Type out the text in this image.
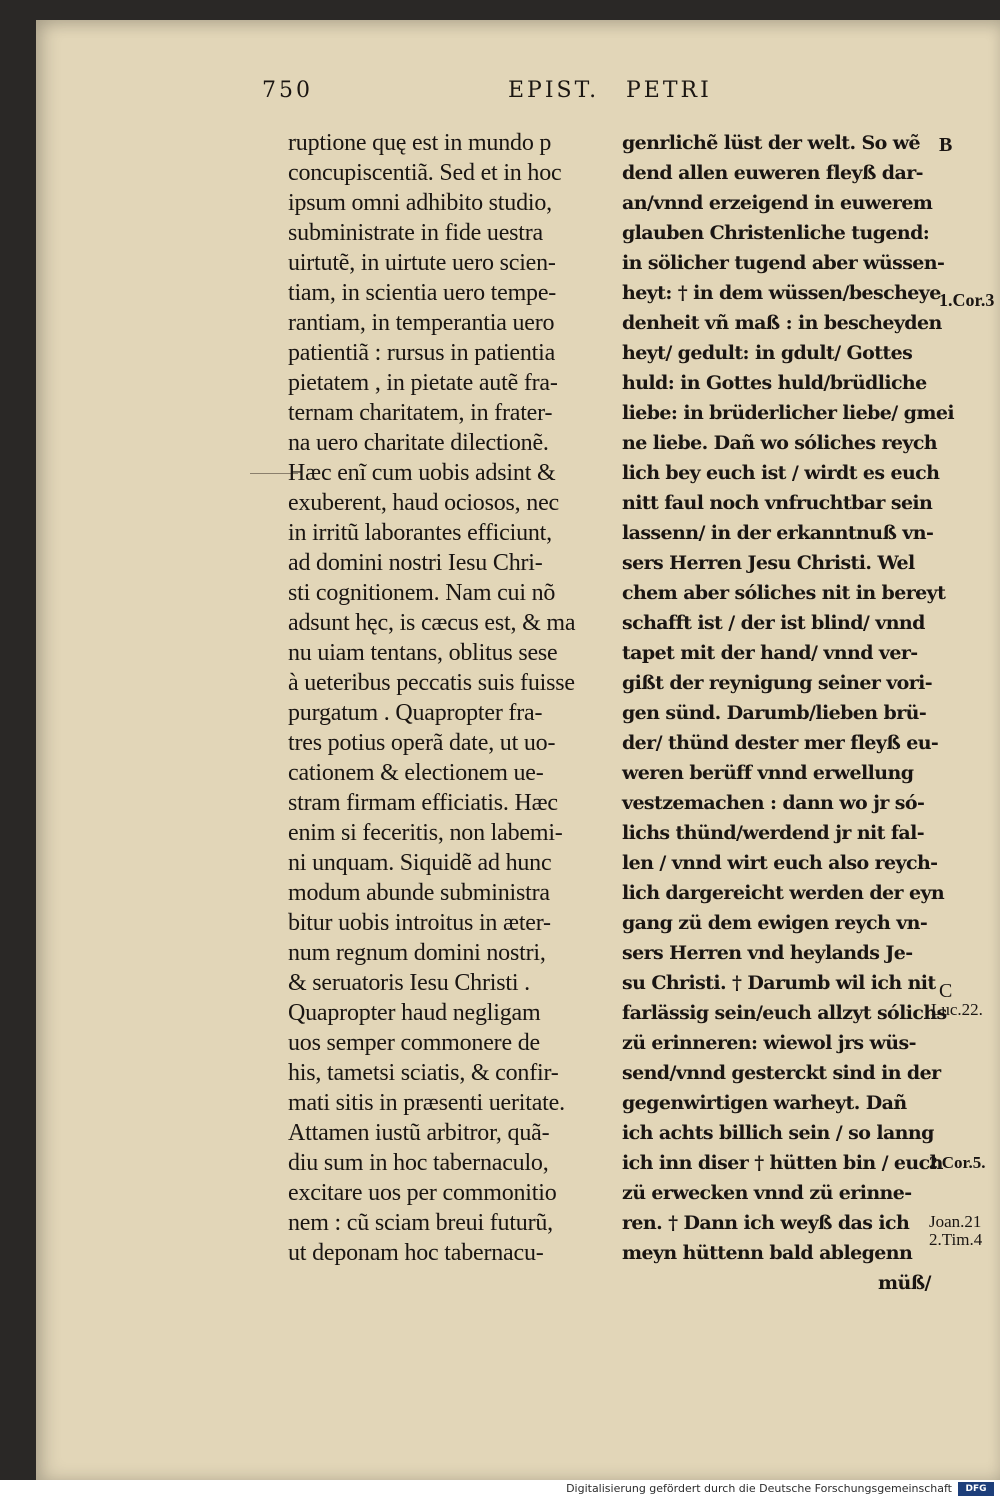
750	EPIST. PETRI
ruptione quę est in mundo p
concupiscentiã. Sed et in hoc
ipsum omni adhibito studio,
subministrate in fide uestra
uirtutẽ, in uirtute uero scien-
tiam, in scientia uero tempe-
rantiam, in temperantia uero
patientiã : rursus in patientia
pietatem , in pietate autẽ fra-
ternam charitatem, in frater-
na uero charitate dilectionẽ.
Hæc enĩ cum uobis adsint &
exuberent, haud ociosos, nec
in irritũ laborantes efficiunt,
ad domini nostri Iesu Chri-
sti cognitionem. Nam cui nõ
adsunt hęc, is cæcus est, & ma
nu uiam tentans, oblitus sese
à ueteribus peccatis suis fuisse
purgatum . Quapropter fra-
tres potius operã date, ut uo-
cationem & electionem ue-
stram firmam efficiatis. Hæc
enim si feceritis, non labemi-
ni unquam. Siquidẽ ad hunc
modum abunde subministra
bitur uobis introitus in æter-
num regnum domini nostri,
& seruatoris Iesu Christi .
Quapropter haud negligam
uos semper commonere de
his, tametsi sciatis, & confir-
mati sitis in præsenti ueritate.
Attamen iustũ arbitror, quã-
diu sum in hoc tabernaculo,
excitare uos per commonitio
nem : cũ sciam breui futurũ,
ut deponam hoc tabernacu-
genrlichẽ lüst der welt. So wẽ
dend allen euweren fleyß dar-
an/vnnd erzeigend in euwerem
glauben Christenliche tugend:
in sölicher tugend aber wüssen-
heyt: † in dem wüssen/bescheye
denheit vñ maß : in bescheyden
heyt/ gedult: in gdult/ Gottes
huld: in Gottes huld/brüdliche
liebe: in brüderlicher liebe/ gmei
ne liebe. Dañ wo sóliches reych
lich bey euch ist / wirdt es euch
nitt faul noch vnfruchtbar sein
lassenn/ in der erkanntnuß vn-
sers Herren Jesu Christi. Wel
chem aber sóliches nit in bereyt
schafft ist / der ist blind/ vnnd
tapet mit der hand/ vnnd ver-
gißt der reynigung seiner vori-
gen sünd. Darumb/lieben brü-
der/ thünd dester mer fleyß eu-
weren berüff vnnd erwellung
vestzemachen : dann wo jr só-
lichs thünd/werdend jr nit fal-
len / vnnd wirt euch also reych-
lich dargereicht werden der eyn
gang zü dem ewigen reych vn-
sers Herren vnd heylands Je-
su Christi. † Darumb wil ich nit
farlässig sein/euch allzyt sólichs
zü erinneren: wiewol jrs wüs-
send/vnnd gesterckt sind in der
gegenwirtigen warheyt. Dañ
ich achts billich sein / so lanng
ich inn diser † hütten bin / euch
zü erwecken vnnd zü erinne-
ren. † Dann ich weyß das ich
meyn hüttenn bald ablegenn
müß/
B
1.Cor.3
C
Luc.22.
2.Cor.5.
Joan.21
2.Tim.4
Digitalisierung gefördert durch die Deutsche Forschungsgemeinschaft	DFG
